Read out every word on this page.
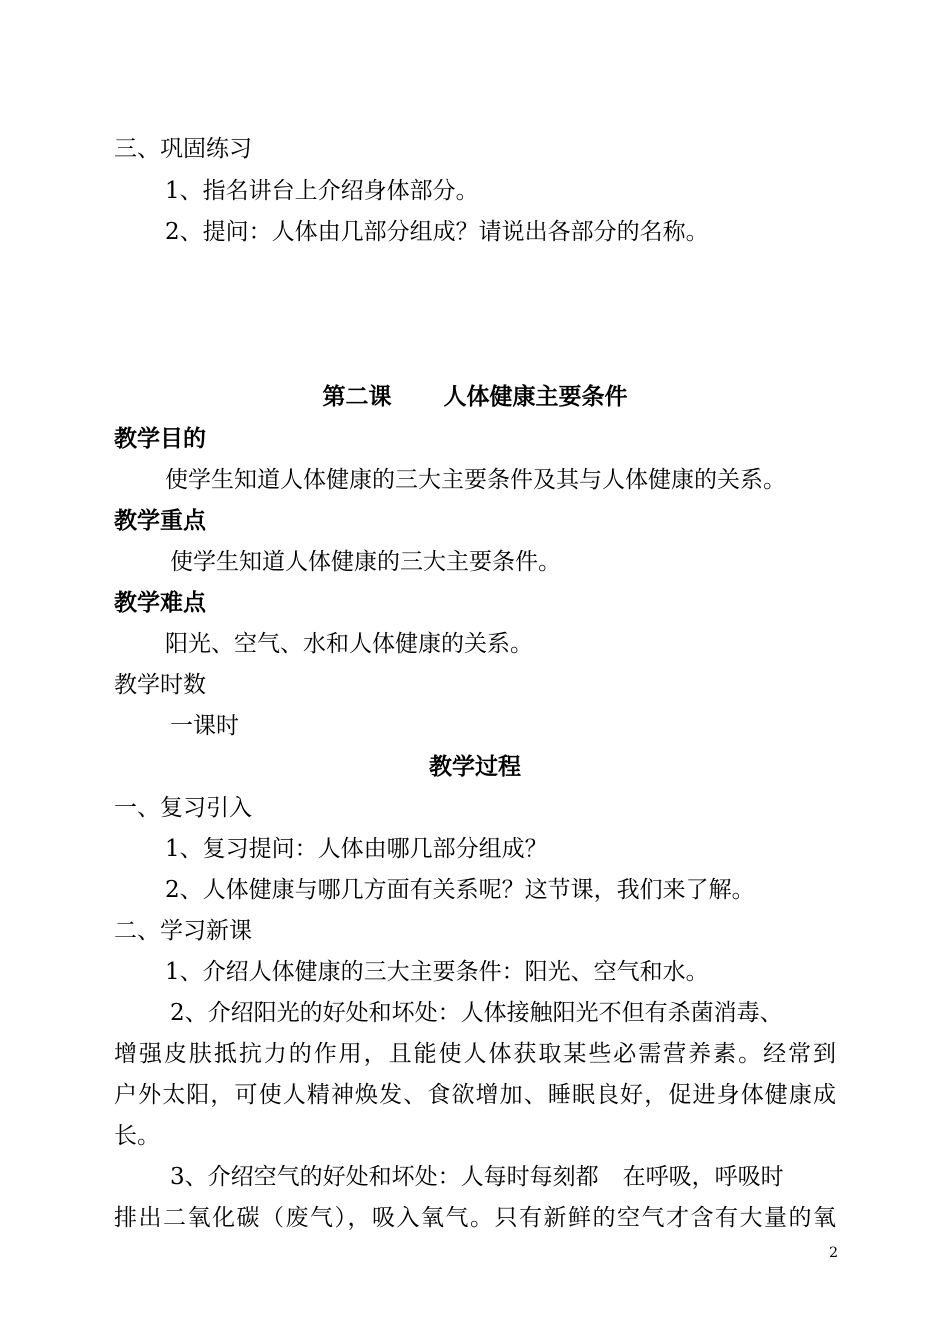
三、巩固练习
1、指名讲台上介绍身体部分。
2、提问：人体由几部分组成？请说出各部分的名称。
第二课 人体健康主要条件
教学目的
使学生知道人体健康的三大主要条件及其与人体健康的关系。
教学重点
使学生知道人体健康的三大主要条件。
教学难点
阳光、空气、水和人体健康的关系。
教学时数
一课时
教学过程
一、复习引入
1、复习提问：人体由哪几部分组成？
2、人体健康与哪几方面有关系呢？这节课，我们来了解。
二、学习新课
1、介绍人体健康的三大主要条件：阳光、空气和水。
2、介绍阳光的好处和坏处：人体接触阳光不但有杀菌消毒、
增强皮肤抵抗力的作用，且能使人体获取某些必需营养素。经常到
户外太阳，可使人精神焕发、食欲增加、睡眠良好，促进身体健康成
长。
3、介绍空气的好处和坏处：人每时每刻都 在呼吸，呼吸时
排出二氧化碳（废气），吸入氧气。只有新鲜的空气才含有大量的氧
2
